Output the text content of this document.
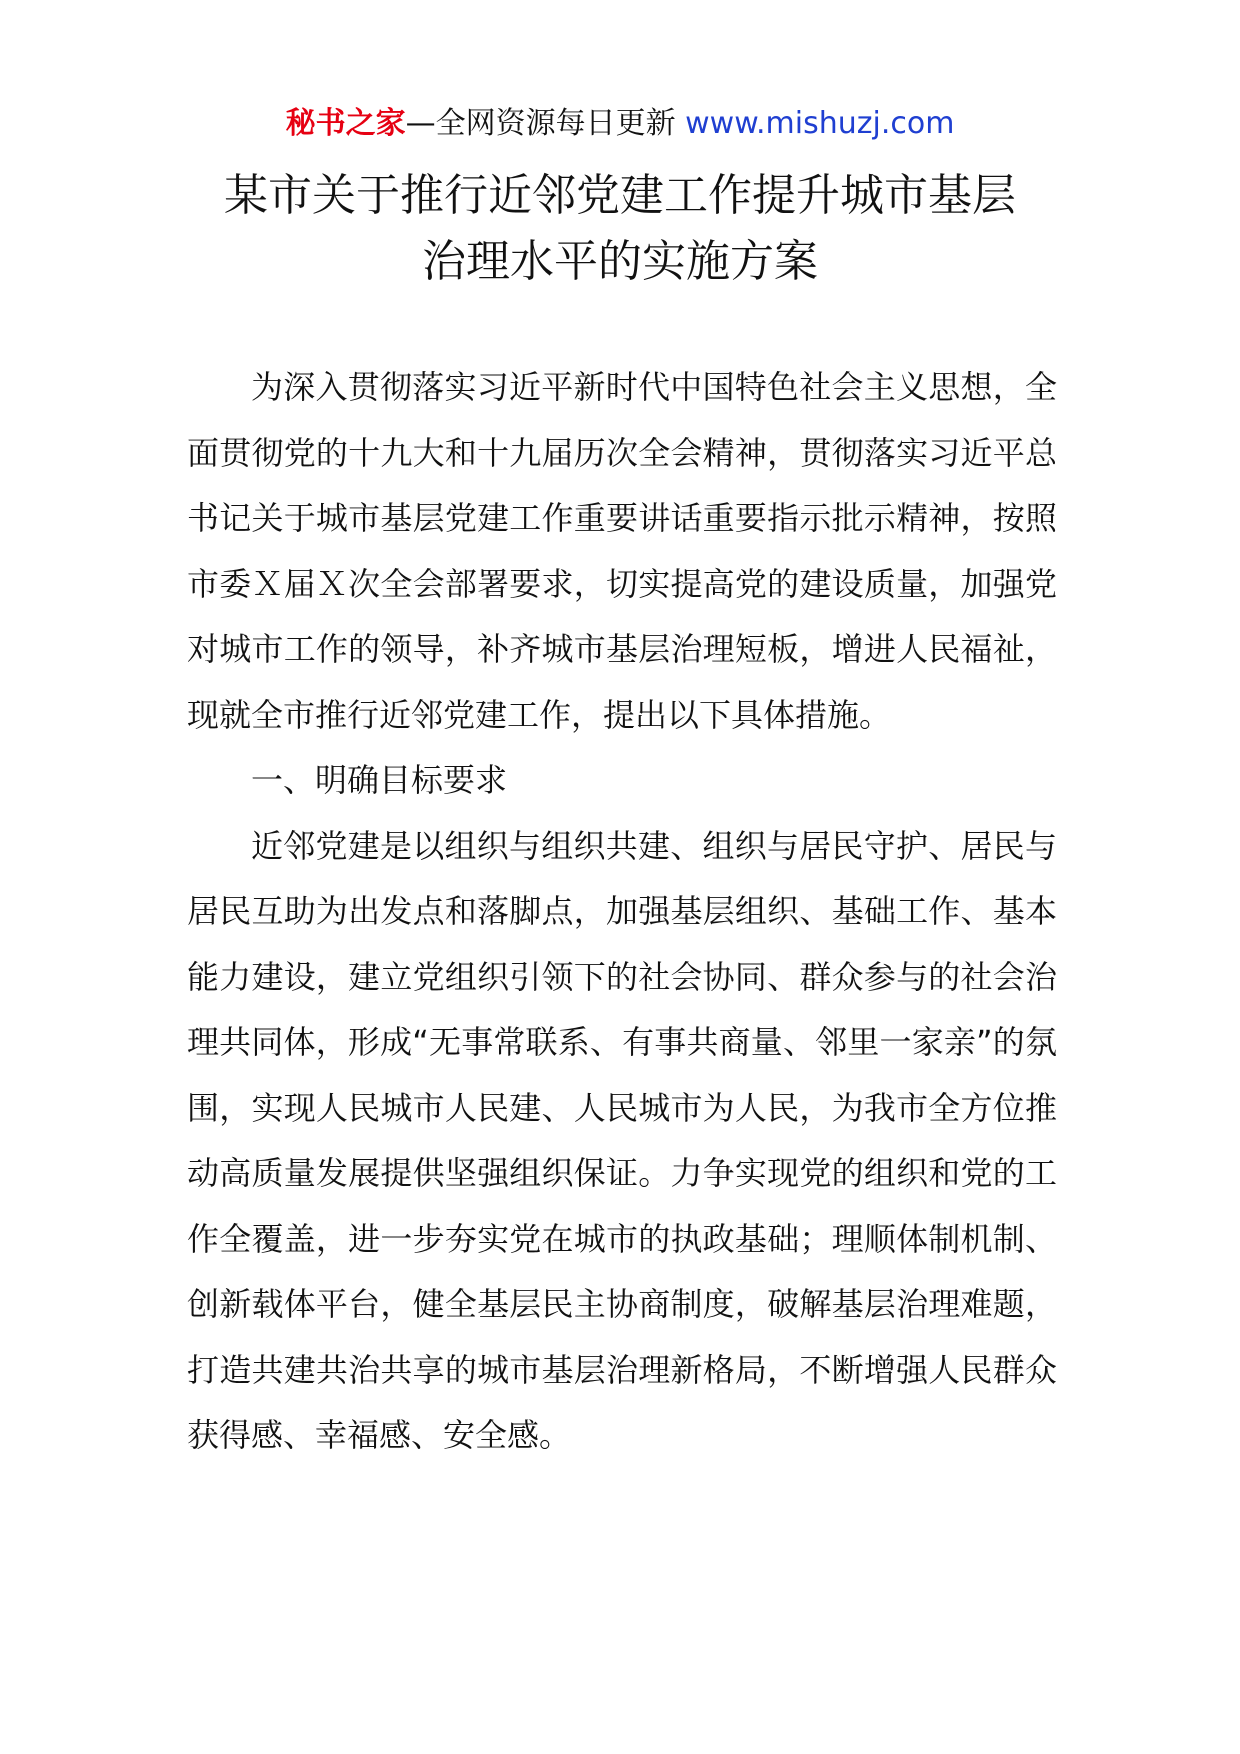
秘书之家—全网资源每日更新 www.mishuzj.com
某市关于推行近邻党建工作提升城市基层
治理水平的实施方案

为深入贯彻落实习近平新时代中国特色社会主义思想，全面贯彻党的十九大和十九届历次全会精神，贯彻落实习近平总书记关于城市基层党建工作重要讲话重要指示批示精神，按照市委Ｘ届Ｘ次全会部署要求，切实提高党的建设质量，加强党对城市工作的领导，补齐城市基层治理短板，增进人民福祉，现就全市推行近邻党建工作，提出以下具体措施。

一、明确目标要求

近邻党建是以组织与组织共建、组织与居民守护、居民与居民互助为出发点和落脚点，加强基层组织、基础工作、基本能力建设，建立党组织引领下的社会协同、群众参与的社会治理共同体，形成“无事常联系、有事共商量、邻里一家亲”的氛围，实现人民城市人民建、人民城市为人民，为我市全方位推动高质量发展提供坚强组织保证。力争实现党的组织和党的工作全覆盖，进一步夯实党在城市的执政基础；理顺体制机制、创新载体平台，健全基层民主协商制度，破解基层治理难题，打造共建共治共享的城市基层治理新格局，不断增强人民群众获得感、幸福感、安全感。
